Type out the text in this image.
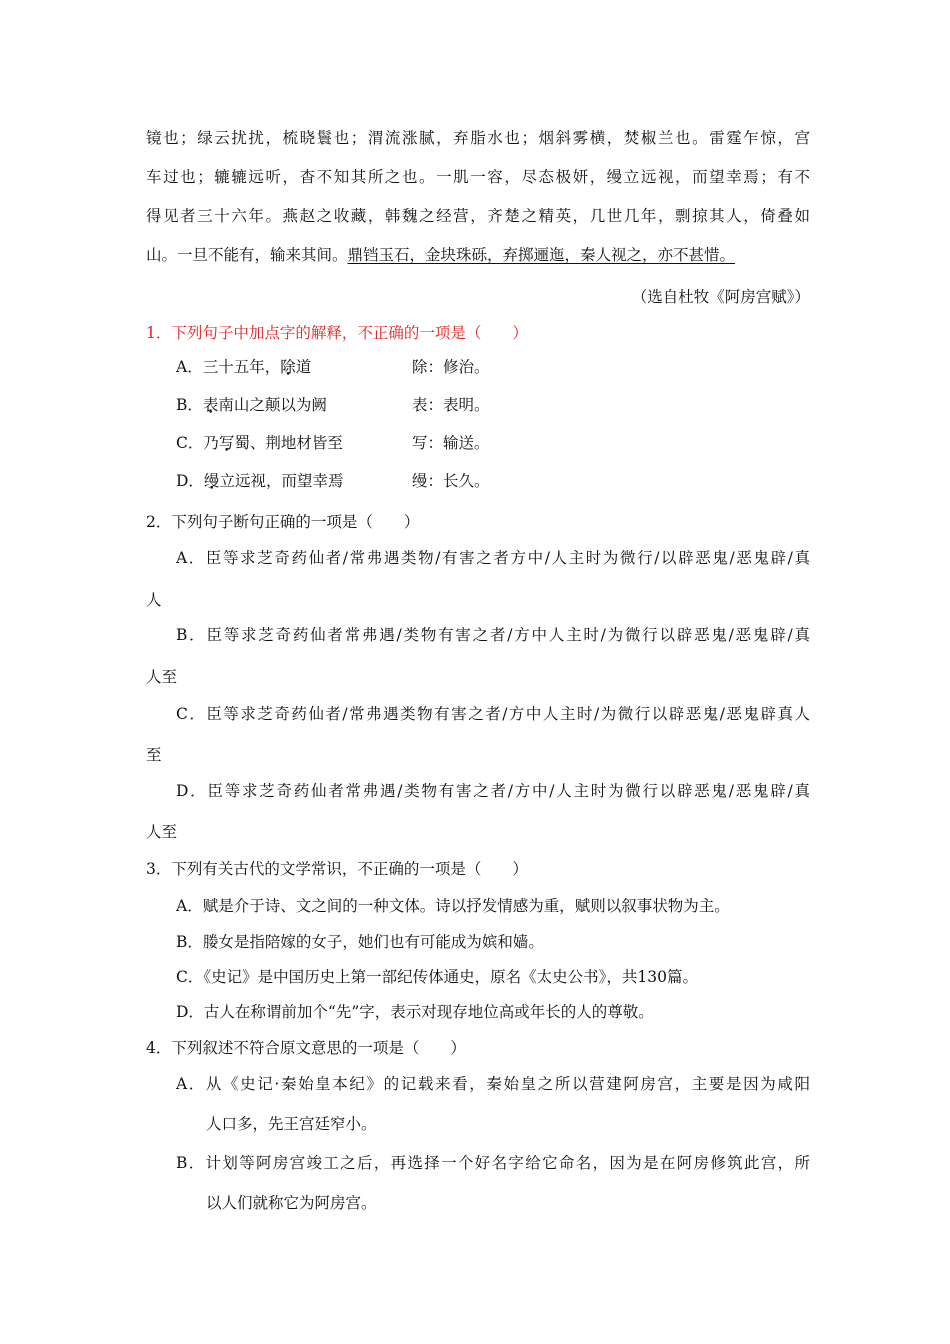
镜也；绿云扰扰，梳晓鬟也；渭流涨腻，弃脂水也；烟斜雾横，焚椒兰也。雷霆乍惊，宫
车过也；辘辘远听，杳不知其所之也。一肌一容，尽态极妍，缦立远视，而望幸焉；有不
得见者三十六年。燕赵之收藏，韩魏之经营，齐楚之精英，几世几年，剽掠其人，倚叠如
山。一旦不能有，输来其间。鼎铛玉石，金块珠砾，弃掷逦迤，秦人视之，亦不甚惜。
（选自杜牧《阿房宫赋》）
1．下列句子中加点字的解释，不正确的一项是（　　）
A．三十五年，除道	除：修治。
B．表南山之颠以为阙	表：表明。
C．乃写蜀、荆地材皆至	写：输送。
D．缦立远视，而望幸焉	缦：长久。
2．下列句子断句正确的一项是（　　）
A．臣等求芝奇药仙者/常弗遇类物/有害之者方中/人主时为微行/以辟恶鬼/恶鬼辟/真
人
B．臣等求芝奇药仙者常弗遇/类物有害之者/方中人主时/为微行以辟恶鬼/恶鬼辟/真
人至
C．臣等求芝奇药仙者/常弗遇类物有害之者/方中人主时/为微行以辟恶鬼/恶鬼辟真人
至
D．臣等求芝奇药仙者常弗遇/类物有害之者/方中/人主时为微行以辟恶鬼/恶鬼辟/真
人至
3．下列有关古代的文学常识，不正确的一项是（　　）
A．赋是介于诗、文之间的一种文体。诗以抒发情感为重，赋则以叙事状物为主。
B．媵女是指陪嫁的女子，她们也有可能成为嫔和嫱。
C．《史记》是中国历史上第一部纪传体通史，原名《太史公书》，共130篇。
D．古人在称谓前加个“先”字，表示对现存地位高或年长的人的尊敬。
4．下列叙述不符合原文意思的一项是（　　）
A．从《史记·秦始皇本纪》的记载来看，秦始皇之所以营建阿房宫，主要是因为咸阳
人口多，先王宫廷窄小。
B．计划等阿房宫竣工之后，再选择一个好名字给它命名，因为是在阿房修筑此宫，所
以人们就称它为阿房宫。
